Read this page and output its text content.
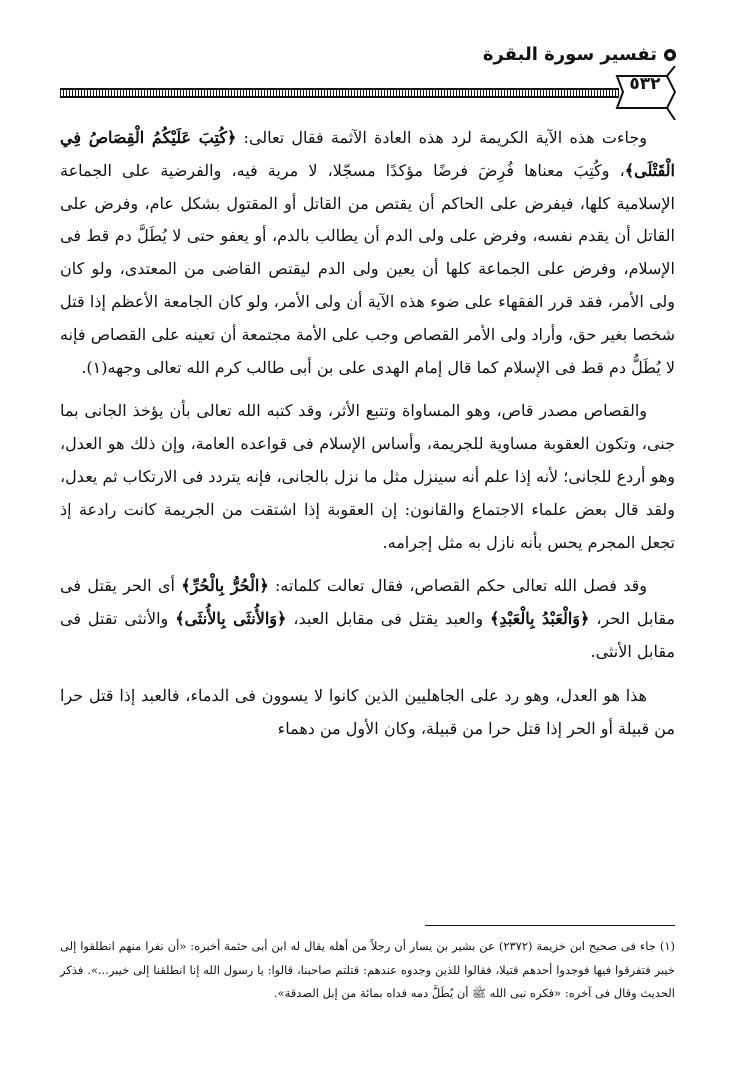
تفسير سورة البقرة
٥٣٢

وجاءت هذه الآية الكريمة لرد هذه العادة الآثمة فقال تعالى: ﴿كُتِبَ عَلَيْكُمُ الْقِصَاصُ فِي الْقَتْلَى﴾، وكُتِبَ معناها فُرِضَ فرضًا مؤكدًا مسجّلا، لا مرية فيه، والفرضية على الجماعة الإسلامية كلها، فيفرض على الحاكم أن يقتص من القاتل أو المقتول بشكل عام، وفرض على القاتل أن يقدم نفسه، وفرض على ولى الدم أن يطالب بالدم، أو يعفو حتى لا يُطَلَّ دم قط فى الإسلام، وفرض على الجماعة كلها أن يعين ولى الدم ليقتص القاضى من المعتدى، ولو كان ولى الأمر، فقد قرر الفقهاء على ضوء هذه الآية أن ولى الأمر، ولو كان الجامعة الأعظم إذا قتل شخصا بغير حق، وأراد ولى الأمر القصاص وجب على الأمة مجتمعة أن تعينه على القصاص فإنه لا يُطَلُّ دم قط فى الإسلام كما قال إمام الهدى على بن أبى طالب كرم الله تعالى وجهه(١).

والقصاص مصدر قاص، وهو المساواة وتتبع الأثر، وقد كتبه الله تعالى بأن يؤخذ الجانى بما جنى، وتكون العقوبة مساوية للجريمة، وأساس الإسلام فى قواعده العامة، وإن ذلك هو العدل، وهو أردع للجانى؛ لأنه إذا علم أنه سينزل مثل ما نزل بالجانى، فإنه يتردد فى الارتكاب ثم يعدل، ولقد قال بعض علماء الاجتماع والقانون: إن العقوبة إذا اشتقت من الجريمة كانت رادعة إذ تجعل المجرم يحس بأنه نازل به مثل إجرامه.

وقد فصل الله تعالى حكم القصاص، فقال تعالت كلماته: ﴿الْحُرُّ بِالْحُرِّ﴾ أى الحر يقتل فى مقابل الحر، ﴿وَالْعَبْدُ بِالْعَبْدِ﴾ والعبد يقتل فى مقابل العبد، ﴿وَالأُنثَى بِالأُنثَى﴾ والأنثى تقتل فى مقابل الأنثى.

هذا هو العدل، وهو رد على الجاهليين الذين كانوا لا يسوون فى الدماء، فالعبد إذا قتل حرا من قبيلة أو الحر إذا قتل حرا من قبيلة، وكان الأول من دهماء

(١) جاء فى صحيح ابن خزيمة (٢٣٧٢) عن بشير بن يسار أن رجلاً من أهله يقال له ابن أبى حثمة أخبره: «أن نفرا منهم انطلقوا إلى خيبر فتفرقوا فيها فوجدوا أحدهم قتيلا، فقالوا للذين وجدوه عندهم: قتلتم صاحبنا، قالوا: يا رسول الله إنا انطلقنا إلى خيبر...». فذكر الحديث وقال فى آخره: «فكره نبى الله ﷺ أن يُطَلَّ دمه فداه بمائة من إبل الصدقة».
